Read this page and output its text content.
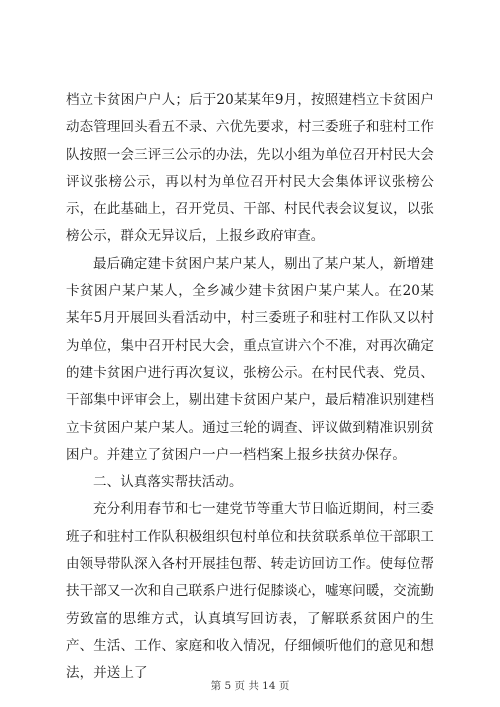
档立卡贫困户户人；后于20某某年9月，按照建档立卡贫困户动态管理回头看五不录、六优先要求，村三委班子和驻村工作队按照一会三评三公示的办法，先以小组为单位召开村民大会评议张榜公示，再以村为单位召开村民大会集体评议张榜公示，在此基础上，召开党员、干部、村民代表会议复议，以张榜公示，群众无异议后，上报乡政府审查。

最后确定建卡贫困户某户某人，剔出了某户某人，新增建卡贫困户某户某人，全乡减少建卡贫困户某户某人。在20某某年5月开展回头看活动中，村三委班子和驻村工作队又以村为单位，集中召开村民大会，重点宣讲六个不准，对再次确定的建卡贫困户进行再次复议，张榜公示。在村民代表、党员、干部集中评审会上，剔出建卡贫困户某户，最后精准识别建档立卡贫困户某户某人。通过三轮的调查、评议做到精准识别贫困户。并建立了贫困户一户一档档案上报乡扶贫办保存。

二、认真落实帮扶活动。

充分利用春节和七一建党节等重大节日临近期间，村三委班子和驻村工作队积极组织包村单位和扶贫联系单位干部职工由领导带队深入各村开展挂包帮、转走访回访工作。使每位帮扶干部又一次和自己联系户进行促膝谈心，嘘寒问暖，交流勤劳致富的思维方式，认真填写回访表，了解联系贫困户的生产、生活、工作、家庭和收入情况，仔细倾听他们的意见和想法，并送上了

第 5 页 共 14 页
